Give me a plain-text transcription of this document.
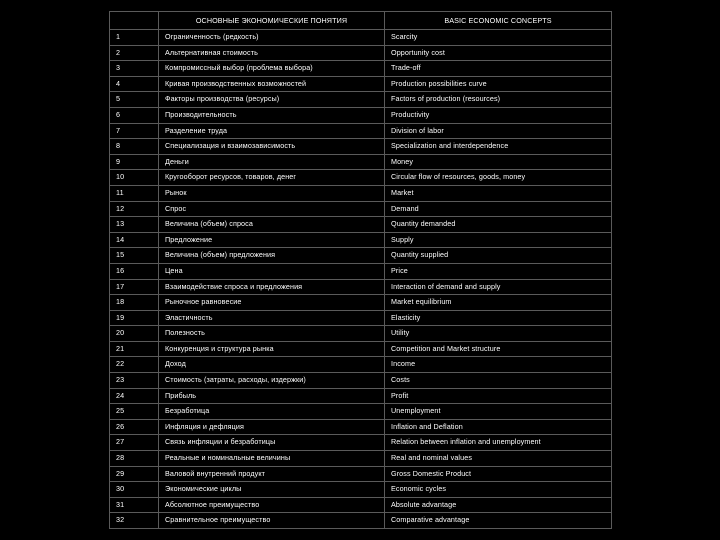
	ОСНОВНЫЕ ЭКОНОМИЧЕСКИЕ ПОНЯТИЯ	BASIC ECONOMIC CONCEPTS
1	Ограниченность (редкость)	Scarcity
2	Альтернативная стоимость	Opportunity cost
3	Компромиссный выбор (проблема выбора)	Trade-off
4	Кривая производственных возможностей	Production possibilities curve
5	Факторы производства (ресурсы)	Factors of production (resources)
6	Производительность	Productivity
7	Разделение труда	Division of labor
8	Специализация и взаимозависимость	Specialization and interdependence
9	Деньги	Money
10	Кругооборот ресурсов, товаров, денег	Circular flow of resources, goods, money
11	Рынок	Market
12	Спрос	Demand
13	Величина (объем) спроса	Quantity demanded
14	Предложение	Supply
15	Величина (объем) предложения	Quantity supplied
16	Цена	Price
17	Взаимодействие спроса и предложения	Interaction of demand and supply
18	Рыночное равновесие	Market equilibrium
19	Эластичность	Elasticity
20	Полезность	Utility
21	Конкуренция и структура рынка	Competition and Market structure
22	Доход	Income
23	Стоимость (затраты, расходы, издержки)	Costs
24	Прибыль	Profit
25	Безработица	Unemployment
26	Инфляция и дефляция	Inflation and Deflation
27	Связь инфляции и безработицы	Relation between inflation and unemployment
28	Реальные и номинальные величины	Real and nominal values
29	Валовой внутренний продукт	Gross Domestic Product
30	Экономические циклы	Economic cycles
31	Абсолютное преимущество	Absolute advantage
32	Сравнительное преимущество	Comparative advantage
